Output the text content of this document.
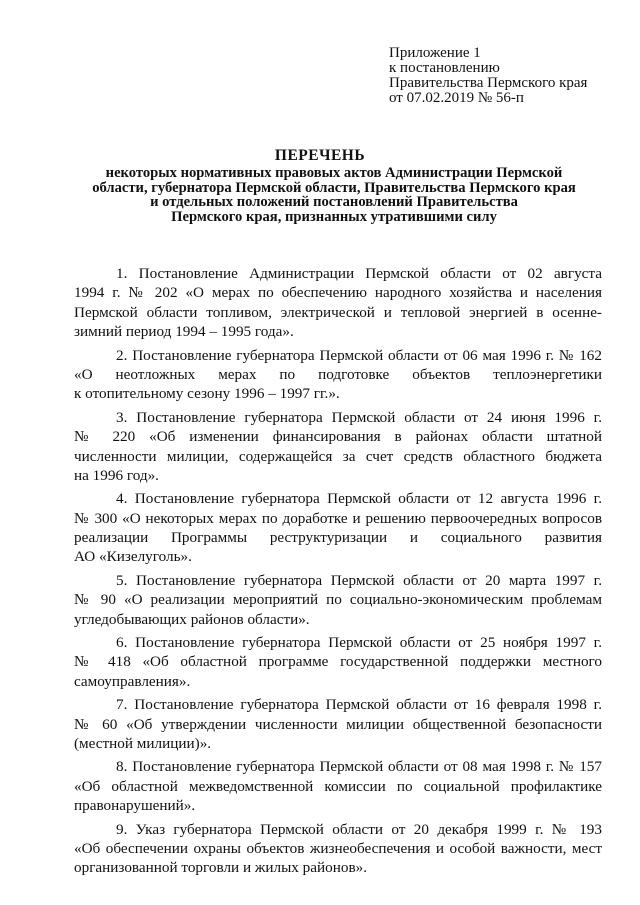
Приложение 1
к постановлению
Правительства Пермского края
от 07.02.2019 № 56-п
ПЕРЕЧЕНЬ
некоторых нормативных правовых актов Администрации Пермской
области, губернатора Пермской области, Правительства Пермского края
и отдельных положений постановлений Правительства
Пермского края, признанных утратившими силу
1. Постановление Администрации Пермской области от 02 августа
1994 г. № 202 «О мерах по обеспечению народного хозяйства и населения
Пермской области топливом, электрической и тепловой энергией в осенне-
зимний период 1994 – 1995 года».
2. Постановление губернатора Пермской области от 06 мая 1996 г. № 162
«О неотложных мерах по подготовке объектов теплоэнергетики
к отопительному сезону 1996 – 1997 гг.».
3. Постановление губернатора Пермской области от 24 июня 1996 г.
№ 220 «Об изменении финансирования в районах области штатной
численности милиции, содержащейся за счет средств областного бюджета
на 1996 год».
4. Постановление губернатора Пермской области от 12 августа 1996 г.
№ 300 «О некоторых мерах по доработке и решению первоочередных вопросов
реализации Программы реструктуризации и социального развития
АО «Кизелуголь».
5. Постановление губернатора Пермской области от 20 марта 1997 г.
№ 90 «О реализации мероприятий по социально-экономическим проблемам
угледобывающих районов области».
6. Постановление губернатора Пермской области от 25 ноября 1997 г.
№ 418 «Об областной программе государственной поддержки местного
самоуправления».
7. Постановление губернатора Пермской области от 16 февраля 1998 г.
№ 60 «Об утверждении численности милиции общественной безопасности
(местной милиции)».
8. Постановление губернатора Пермской области от 08 мая 1998 г. № 157
«Об областной межведомственной комиссии по социальной профилактике
правонарушений».
9. Указ губернатора Пермской области от 20 декабря 1999 г. № 193
«Об обеспечении охраны объектов жизнеобеспечения и особой важности, мест
организованной торговли и жилых районов».
